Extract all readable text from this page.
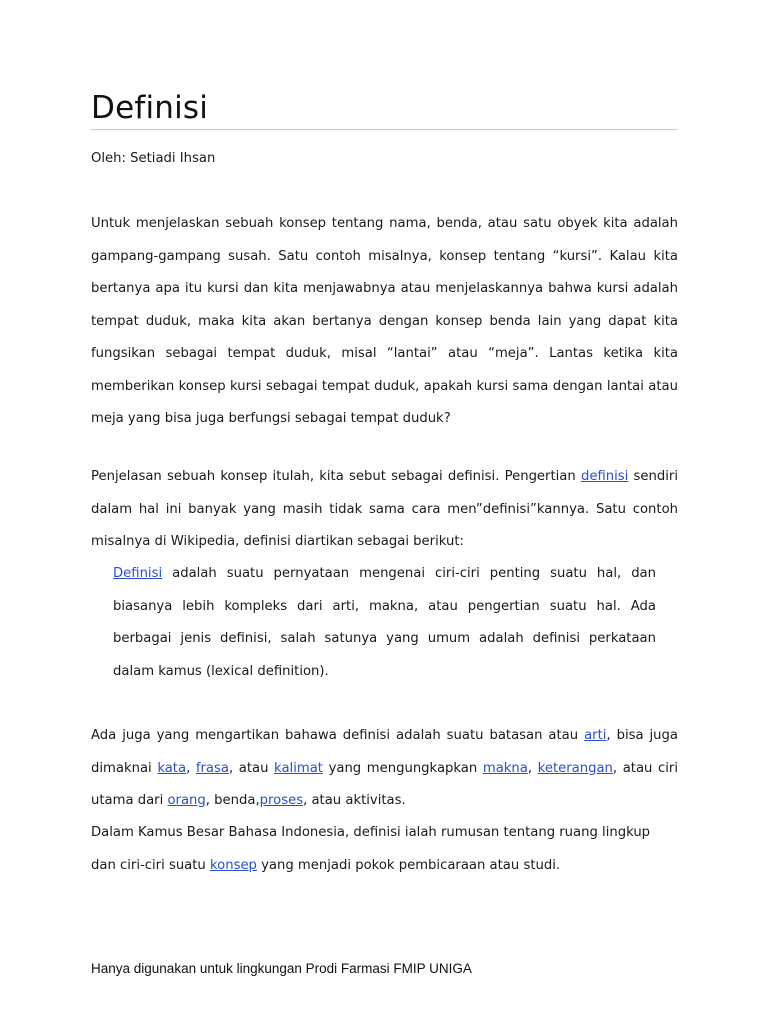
Definisi

Oleh: Setiadi Ihsan

Untuk menjelaskan sebuah konsep tentang nama, benda, atau satu obyek kita adalah gampang-gampang susah. Satu contoh misalnya, konsep tentang “kursi”. Kalau kita bertanya apa itu kursi dan kita menjawabnya atau menjelaskannya bahwa kursi adalah tempat duduk, maka kita akan bertanya dengan konsep benda lain yang dapat kita fungsikan sebagai tempat duduk, misal “lantai” atau “meja”. Lantas ketika kita memberikan konsep kursi sebagai tempat duduk, apakah kursi sama dengan lantai atau meja yang bisa juga berfungsi sebagai tempat duduk?

Penjelasan sebuah konsep itulah, kita sebut sebagai definisi. Pengertian definisi sendiri dalam hal ini banyak yang masih tidak sama cara men”definisi”kannya. Satu contoh misalnya di Wikipedia, definisi diartikan sebagai berikut:

Definisi adalah suatu pernyataan mengenai ciri-ciri penting suatu hal, dan biasanya lebih kompleks dari arti, makna, atau pengertian suatu hal. Ada berbagai jenis definisi, salah satunya yang umum adalah definisi perkataan dalam kamus (lexical definition).

Ada juga yang mengartikan bahawa definisi adalah suatu batasan atau arti, bisa juga dimaknai kata, frasa, atau kalimat yang mengungkapkan makna, keterangan, atau ciri utama dari orang, benda,proses, atau aktivitas.

Dalam Kamus Besar Bahasa Indonesia, definisi ialah rumusan tentang ruang lingkup dan ciri-ciri suatu konsep yang menjadi pokok pembicaraan atau studi.

Hanya digunakan untuk lingkungan Prodi Farmasi FMIP UNIGA
